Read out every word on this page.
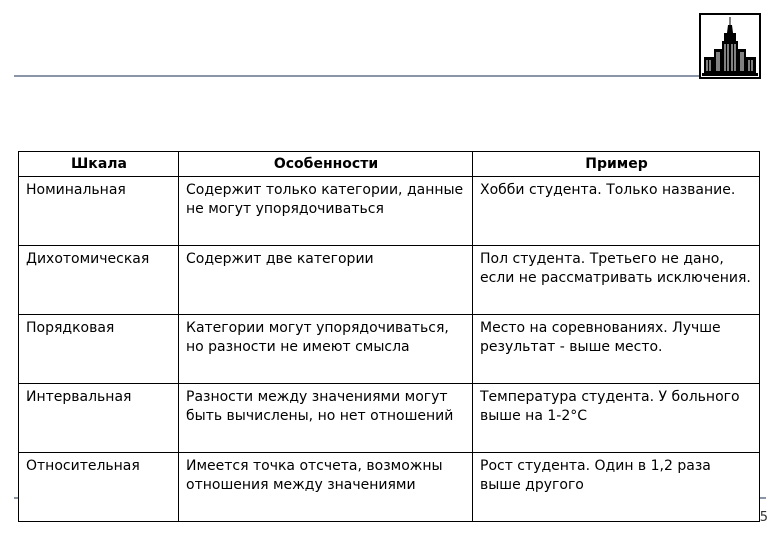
5
Шкала	Особенности	Пример
Номинальная	Содержит только категории, данные не могут упорядочиваться	Хобби студента. Только название.
Дихотомическая	Содержит две категории	Пол студента. Третьего не дано, если не рассматривать исключения.
Порядковая	Категории могут упорядочиваться, но разности не имеют смысла	Место на соревнованиях. Лучше результат - выше место.
Интервальная	Разности между значениями могут быть вычислены, но нет отношений	Температура студента. У больного выше на 1-2°С
Относительная	Имеется точка отсчета, возможны отношения между значениями	Рост студента. Один в 1,2 раза выше другого
